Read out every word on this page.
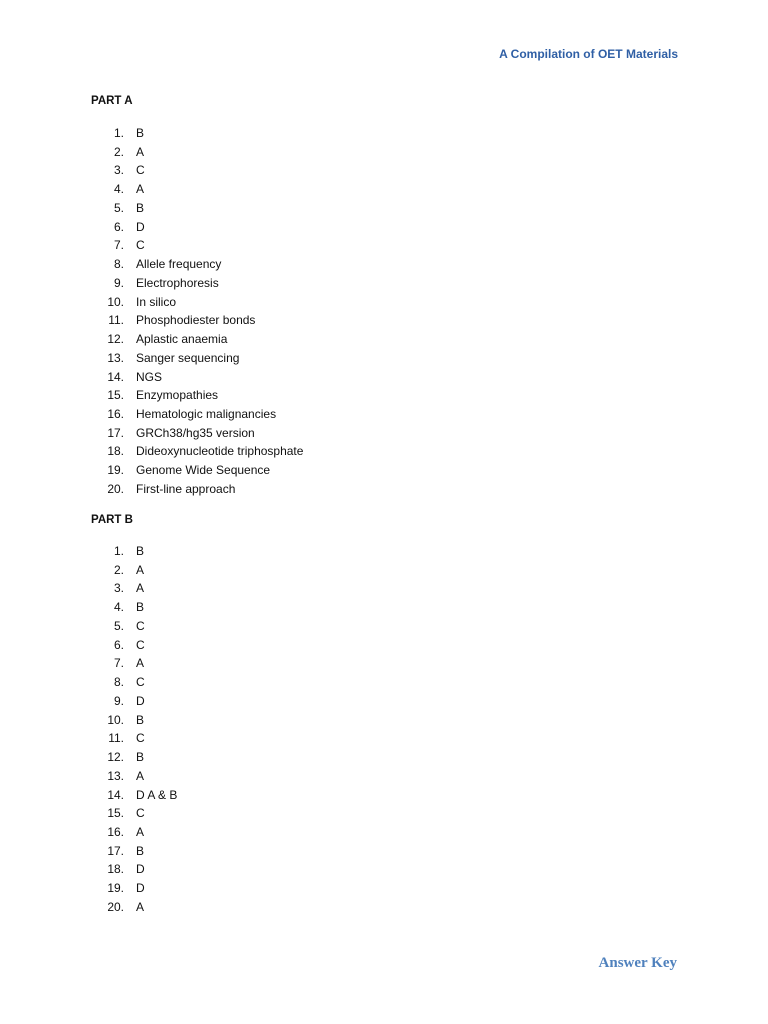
A Compilation of OET Materials
PART A
1. B
2. A
3. C
4. A
5. B
6. D
7. C
8. Allele frequency
9. Electrophoresis
10. In silico
11. Phosphodiester bonds
12. Aplastic anaemia
13. Sanger sequencing
14. NGS
15. Enzymopathies
16. Hematologic malignancies
17. GRCh38/hg35 version
18. Dideoxynucleotide triphosphate
19. Genome Wide Sequence
20. First-line approach
PART B
1. B
2. A
3. A
4. B
5. C
6. C
7. A
8. C
9. D
10. B
11. C
12. B
13. A
14. D A & B
15. C
16. A
17. B
18. D
19. D
20. A
Answer Key
